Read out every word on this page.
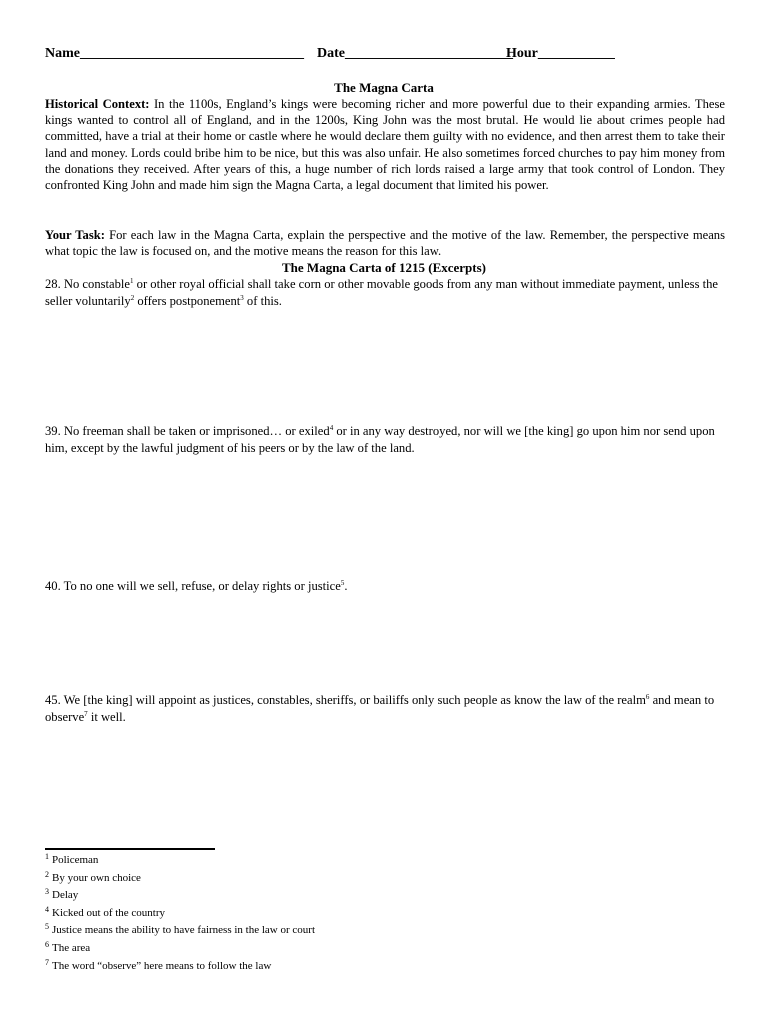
Name________________________________ Date________________________
Hour___________
The Magna Carta
Historical Context: In the 1100s, England’s kings were becoming richer and more powerful due to their expanding armies. These kings wanted to control all of England, and in the 1200s, King John was the most brutal. He would lie about crimes people had committed, have a trial at their home or castle where he would declare them guilty with no evidence, and then arrest them to take their land and money. Lords could bribe him to be nice, but this was also unfair. He also sometimes forced churches to pay him money from the donations they received. After years of this, a huge number of rich lords raised a large army that took control of London. They confronted King John and made him sign the Magna Carta, a legal document that limited his power.
Your Task: For each law in the Magna Carta, explain the perspective and the motive of the law. Remember, the perspective means what topic the law is focused on, and the motive means the reason for this law.
The Magna Carta of 1215 (Excerpts)
28. No constable$^1$ or other royal official shall take corn or other movable goods from any man without immediate payment, unless the seller voluntarily$^2$ offers postponement$^3$ of this.
39. No freeman shall be taken or imprisoned… or exiled$^4$ or in any way destroyed, nor will we [the king] go upon him nor send upon him, except by the lawful judgment of his peers or by the law of the land.
40. To no one will we sell, refuse, or delay rights or justice$^5$.
45. We [the king] will appoint as justices, constables, sheriffs, or bailiffs only such people as know the law of the realm$^6$ and mean to observe$^7$ it well.
$^1$ Policeman
$^2$ By your own choice
$^3$ Delay
$^4$ Kicked out of the country
$^5$ Justice means the ability to have fairness in the law or court
$^6$ The area
$^7$ The word “observe” here means to follow the law
